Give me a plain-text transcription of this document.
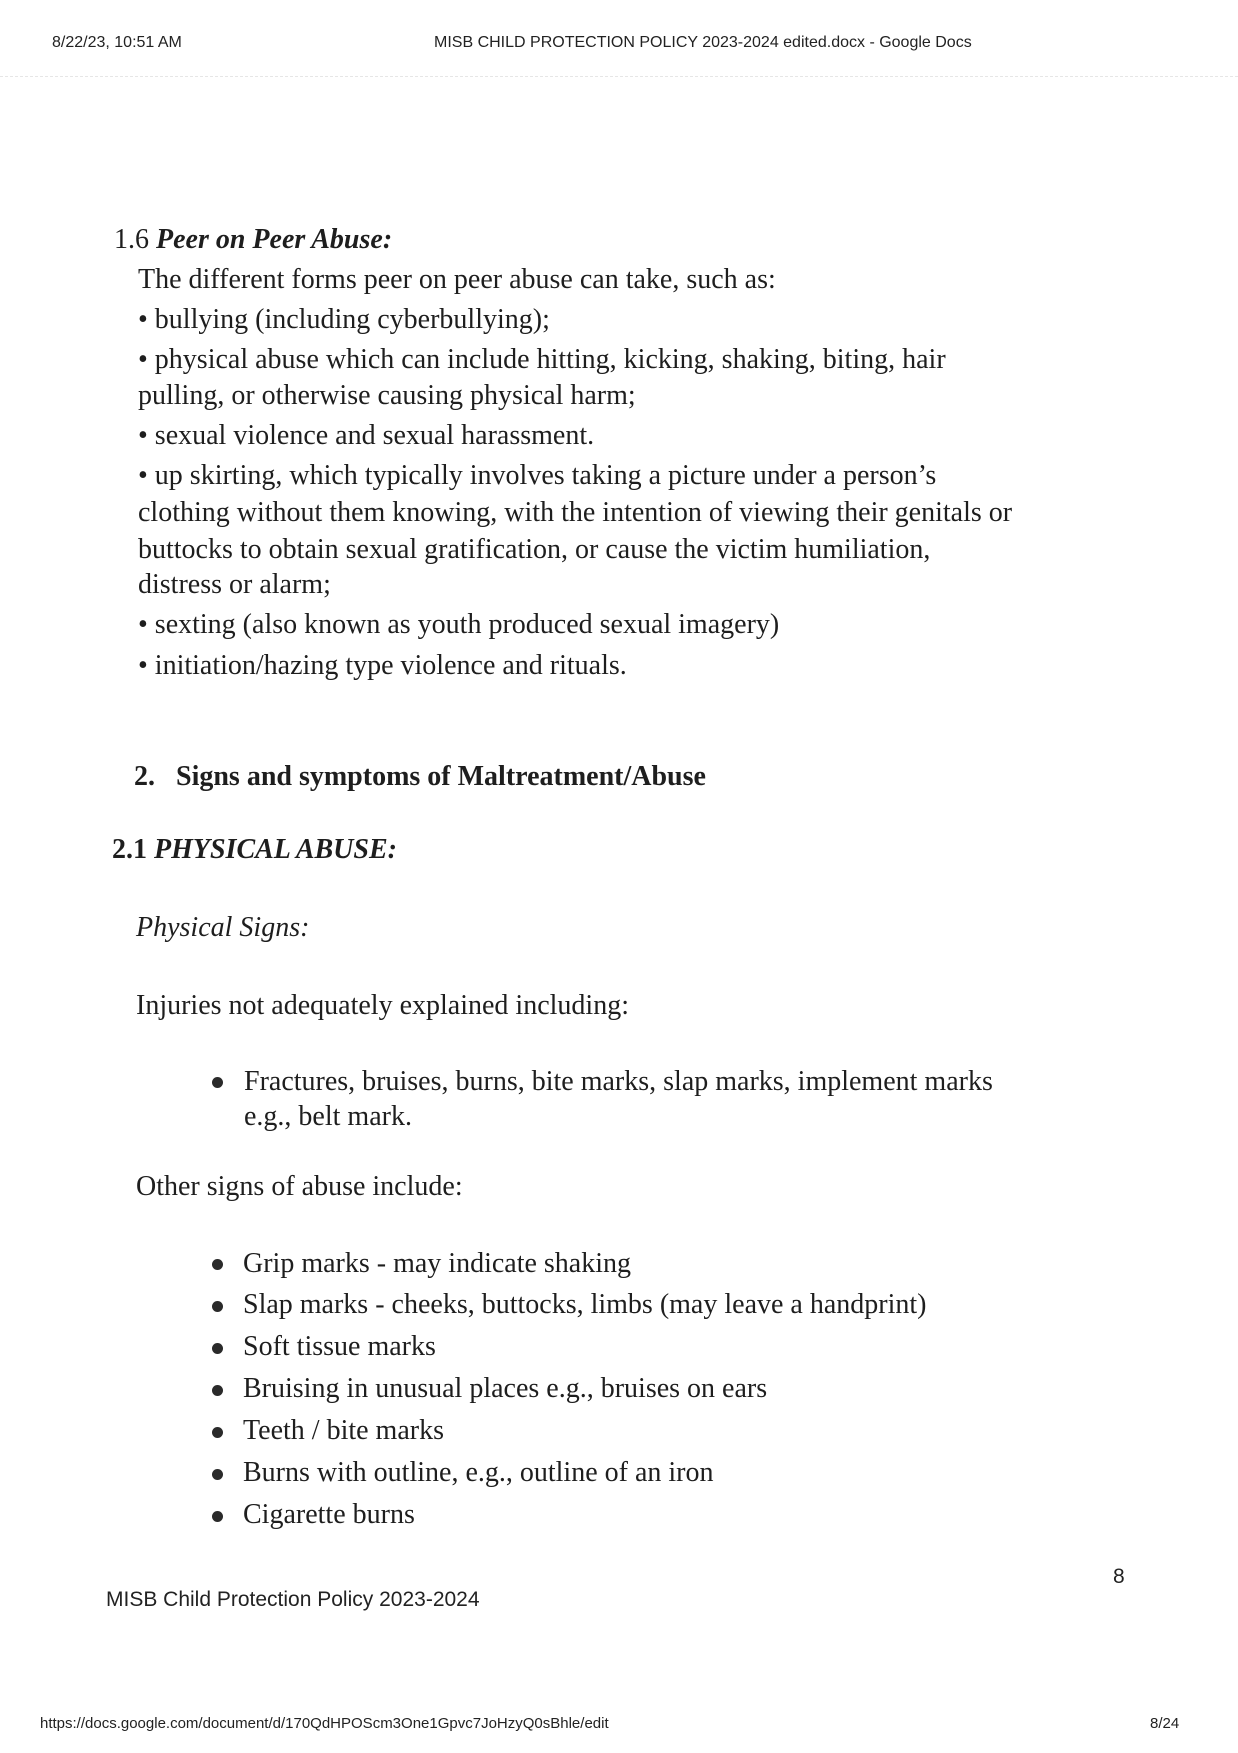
8/22/23, 10:51 AM	MISB CHILD PROTECTION POLICY 2023-2024 edited.docx - Google Docs
1.6 Peer on Peer Abuse:
The different forms peer on peer abuse can take, such as:
• bullying (including cyberbullying);
• physical abuse which can include hitting, kicking, shaking, biting, hair
pulling, or otherwise causing physical harm;
• sexual violence and sexual harassment.
• up skirting, which typically involves taking a picture under a person’s
clothing without them knowing, with the intention of viewing their genitals or
buttocks to obtain sexual gratification, or cause the victim humiliation,
distress or alarm;
• sexting (also known as youth produced sexual imagery)
• initiation/hazing type violence and rituals.
2. Signs and symptoms of Maltreatment/Abuse
2.1 PHYSICAL ABUSE:
Physical Signs:
Injuries not adequately explained including:
Fractures, bruises, burns, bite marks, slap marks, implement marks
e.g., belt mark.
Other signs of abuse include:
Grip marks - may indicate shaking
Slap marks - cheeks, buttocks, limbs (may leave a handprint)
Soft tissue marks
Bruising in unusual places e.g., bruises on ears
Teeth / bite marks
Burns with outline, e.g., outline of an iron
Cigarette burns
8
MISB Child Protection Policy 2023-2024
https://docs.google.com/document/d/170QdHPOScm3One1Gpvc7JoHzyQ0sBhle/edit	8/24
